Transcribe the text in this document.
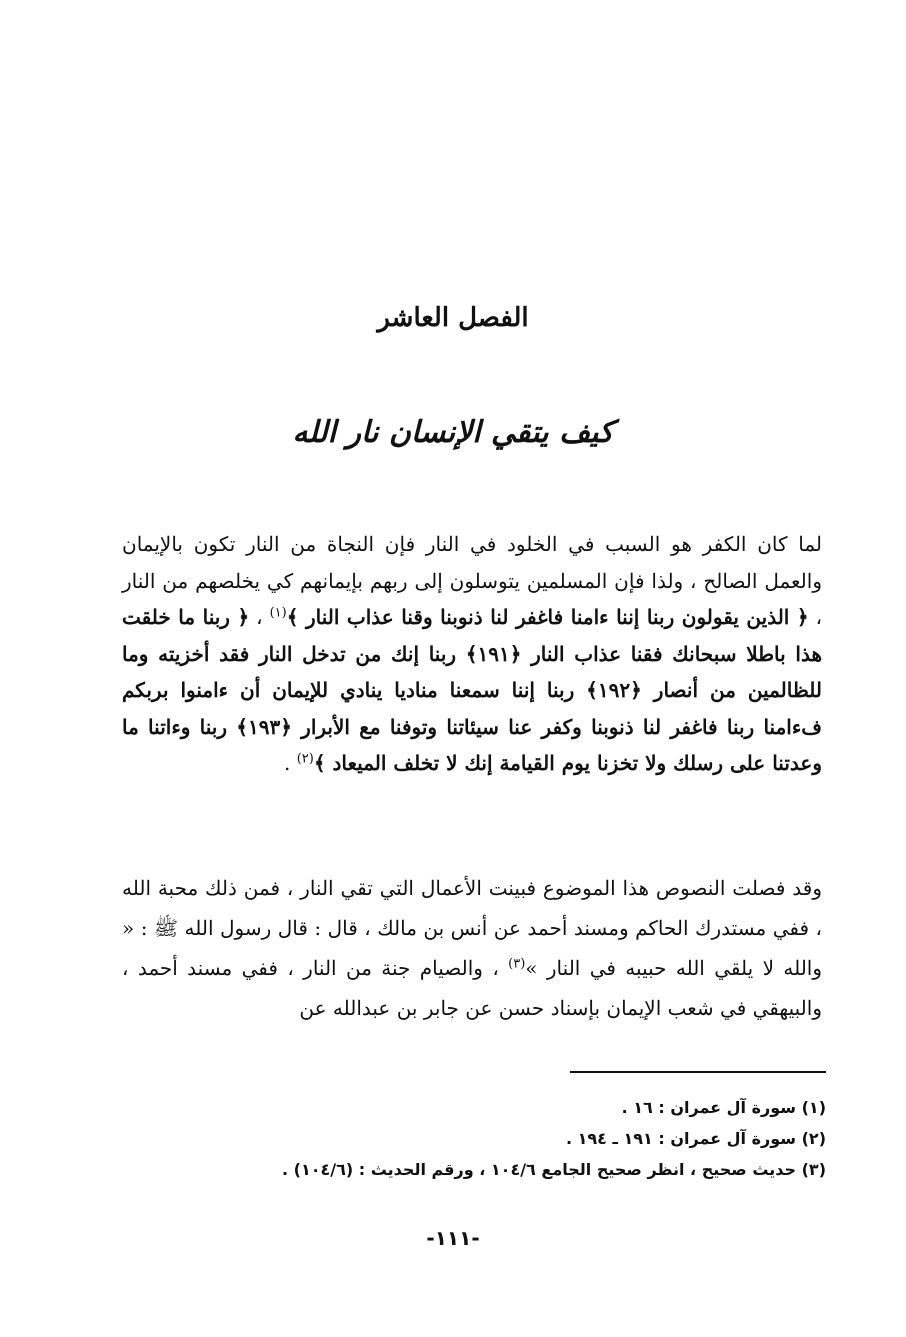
الفصل العاشر
كيف يتقي الإنسان نار الله

لما كان الكفر هو السبب في الخلود في النار فإن النجاة من النار تكون بالإيمان والعمل الصالح ، ولذا فإن المسلمين يتوسلون إلى ربهم بإيمانهم كي يخلصهم من النار ، ﴿ الذين يقولون ربنا إننا ءامنا فاغفر لنا ذنوبنا وقنا عذاب النار ﴾$^{(١)}$ ، ﴿ ربنا ما خلقت هذا باطلا سبحانك فقنا عذاب النار ﴿١٩١﴾ ربنا إنك من تدخل النار فقد أخزيته وما للظالمين من أنصار ﴿١٩٢﴾ ربنا إننا سمعنا مناديا ينادي للإيمان أن ءامنوا بربكم فءامنا ربنا فاغفر لنا ذنوبنا وكفر عنا سيئاتنا وتوفنا مع الأبرار ﴿١٩٣﴾ ربنا وءاتنا ما وعدتنا على رسلك ولا تخزنا يوم القيامة إنك لا تخلف الميعاد ﴾$^{(٢)}$ .

وقد فصلت النصوص هذا الموضوع فبينت الأعمال التي تقي النار ، فمن ذلك محبة الله ، ففي مستدرك الحاكم ومسند أحمد عن أنس بن مالك ، قال : قال رسول الله ﷺ : « والله لا يلقي الله حبيبه في النار »$^{(٣)}$ ، والصيام جنة من النار ، ففي مسند أحمد ، والبيهقي في شعب الإيمان بإسناد حسن عن جابر بن عبدالله عن

(١) سورة آل عمران : ١٦ .
(٢) سورة آل عمران : ١٩١ ـ ١٩٤ .
(٣) حديث صحيح ، انظر صحيح الجامع ١٠٤/٦ ، ورقم الحديث : (١٠٤/٦) .
-١١١-
